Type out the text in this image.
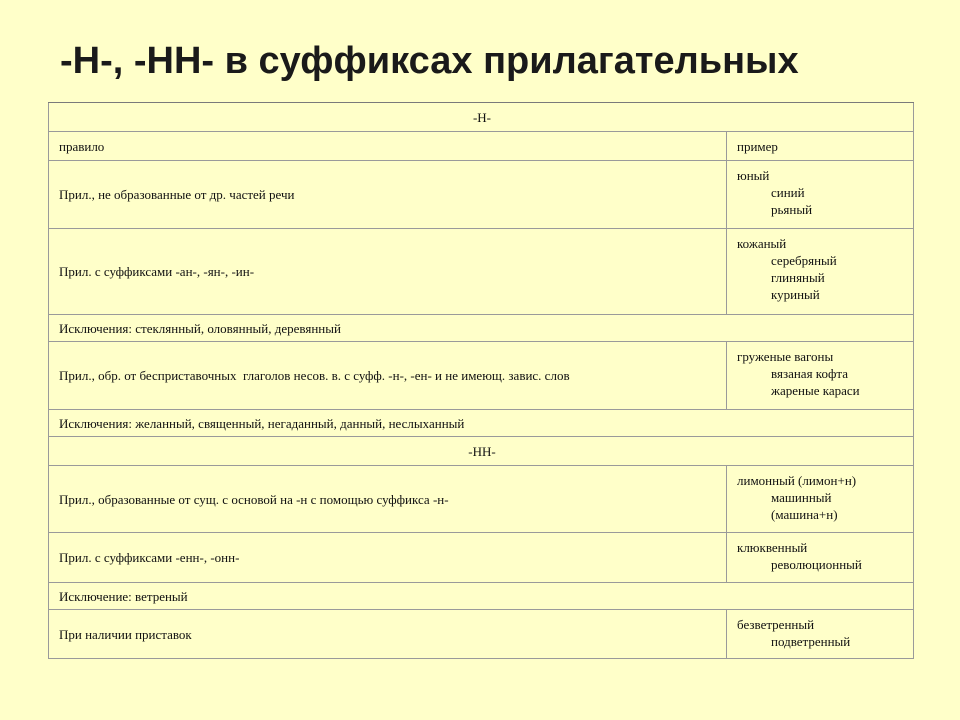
-Н-, -НН- в суффиксах прилагательных
-Н-
правило	пример
Прил., не образованные от др. частей речи
юный
синий
рьяный
Прил. с суффиксами -ан-, -ян-, -ин-
кожаный
серебряный
глиняный
куриный
Исключения: стеклянный, оловянный, деревянный
Прил., обр. от бесприставочных  глаголов несов. в. с суфф. -н-, -ен- и не имеющ. завис. слов
груженые вагоны
вязаная кофта
жареные караси
Исключения: желанный, священный, негаданный, данный, неслыханный
-НН-
Прил., образованные от сущ. с основой на -н с помощью суффикса -н-
лимонный (лимон+н)
машинный
(машина+н)
Прил. с суффиксами -енн-, -онн-
клюквенный
революционный
Исключение: ветреный
При наличии приставок
безветренный
подветренный
